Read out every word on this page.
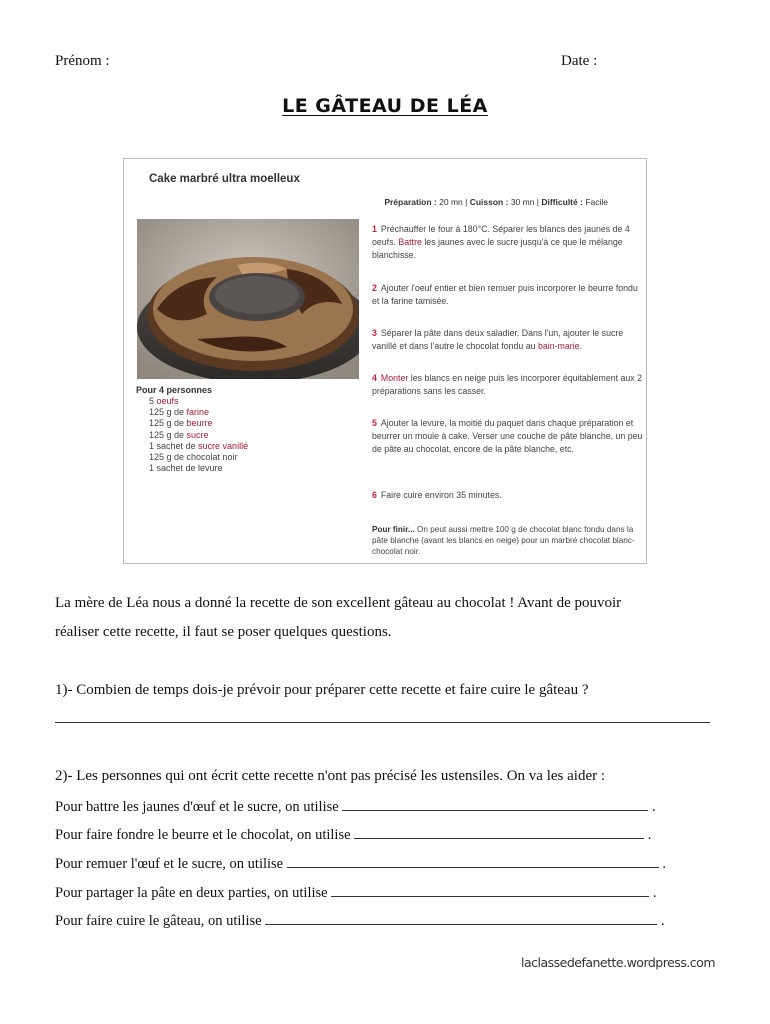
Prénom :	Date :
LE GÂTEAU DE LÉA
Cake marbré ultra moelleux
Préparation : 20 mn | Cuisson : 30 mn | Difficulté : Facile
Pour 4 personnes
5 oeufs
125 g de farine
125 g de beurre
125 g de sucre
1 sachet de sucre vanillé
125 g de chocolat noir
1 sachet de levure
1 Préchauffer le four à 180°C. Séparer les blancs des jaunes de 4 oeufs. Battre les jaunes avec le sucre jusqu'à ce que le mélange blanchisse.
2 Ajouter l'oeuf entier et bien remuer puis incorporer le beurre fondu et la farine tamisée.
3 Séparer la pâte dans deux saladier. Dans l'un, ajouter le sucre vanillé et dans l'autre le chocolat fondu au bain-marie.
4 Monter les blancs en neige puis les incorporer équitablement aux 2 préparations sans les casser.
5 Ajouter la levure, la moitié du paquet dans chaque préparation et beurrer un moule à cake. Verser une couche de pâte blanche, un peu de pâte au chocolat, encore de la pâte blanche, etc.
6 Faire cuire environ 35 minutes.
Pour finir... On peut aussi mettre 100 g de chocolat blanc fondu dans la pâte blanche (avant les blancs en neige) pour un marbré chocolat blanc- chocolat noir.
La mère de Léa nous a donné la recette de son excellent gâteau au chocolat ! Avant de pouvoir
réaliser cette recette, il faut se poser quelques questions.
1)- Combien de temps dois-je prévoir pour préparer cette recette et faire cuire le gâteau ?
2)- Les personnes qui ont écrit cette recette n'ont pas précisé les ustensiles. On va les aider :
Pour battre les jaunes d'œuf et le sucre, on utilise	.
Pour faire fondre le beurre et le chocolat, on utilise	.
Pour remuer l'œuf et le sucre, on utilise	.
Pour partager la pâte en deux parties, on utilise	.
Pour faire cuire le gâteau, on utilise	.
laclassedefanette.wordpress.com
